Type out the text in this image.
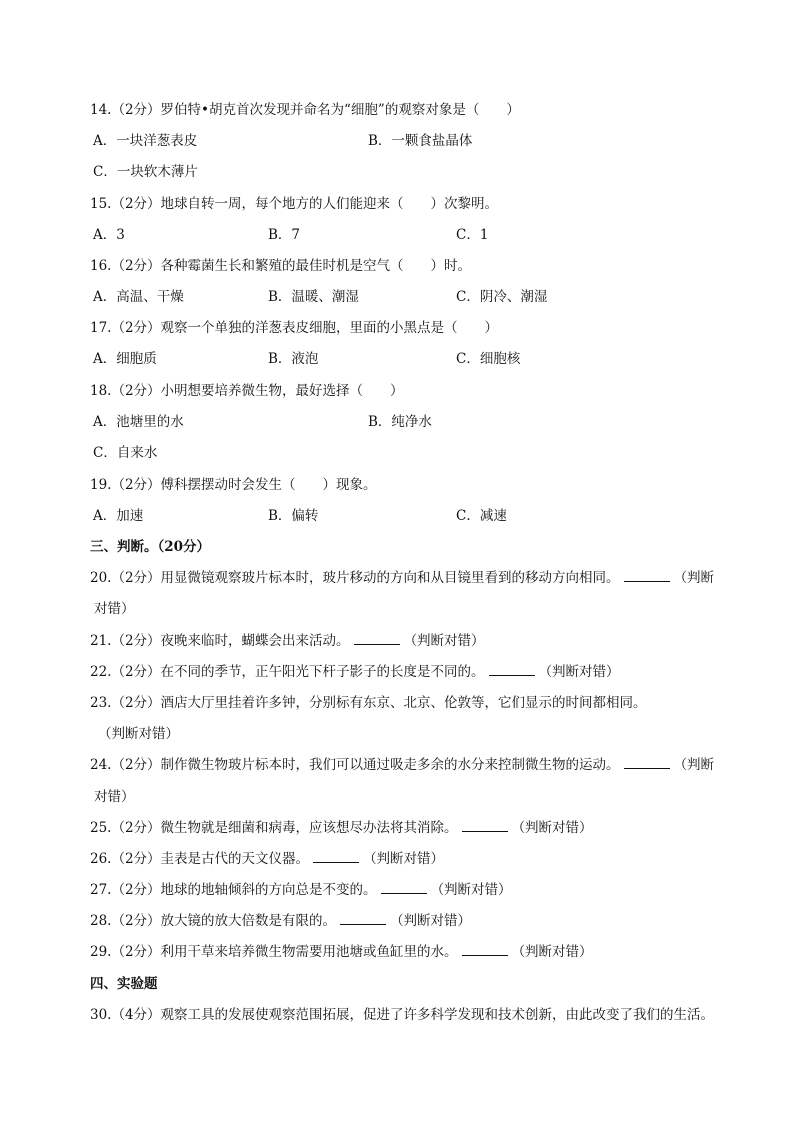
14.（2分）罗伯特•胡克首次发现并命名为“细胞”的观察对象是（　　）
A．一块洋葱表皮	B．一颗食盐晶体
C．一块软木薄片
15.（2分）地球自转一周，每个地方的人们能迎来（　　）次黎明。
A．3	B．7	C．1
16.（2分）各种霉菌生长和繁殖的最佳时机是空气（　　）时。
A．高温、干燥	B．温暖、潮湿	C．阴冷、潮湿
17.（2分）观察一个单独的洋葱表皮细胞，里面的小黑点是（　　）
A．细胞质	B．液泡	C．细胞核
18.（2分）小明想要培养微生物，最好选择（　　）
A．池塘里的水	B．纯净水
C．自来水
19.（2分）傅科摆摆动时会发生（　　）现象。
A．加速	B．偏转	C．减速
三、判断。（20分）
20.（2分）用显微镜观察玻片标本时，玻片移动的方向和从目镜里看到的移动方向相同。	（判断
对错）
21.（2分）夜晚来临时，蝴蝶会出来活动。	（判断对错）
22.（2分）在不同的季节，正午阳光下杆子影子的长度是不同的。	（判断对错）
23.（2分）酒店大厅里挂着许多钟，分别标有东京、北京、伦敦等，它们显示的时间都相同。
（判断对错）
24.（2分）制作微生物玻片标本时，我们可以通过吸走多余的水分来控制微生物的运动。	（判断
对错）
25.（2分）微生物就是细菌和病毒，应该想尽办法将其消除。	（判断对错）
26.（2分）圭表是古代的天文仪器。	（判断对错）
27.（2分）地球的地轴倾斜的方向总是不变的。	（判断对错）
28.（2分）放大镜的放大倍数是有限的。	（判断对错）
29.（2分）利用干草来培养微生物需要用池塘或鱼缸里的水。	（判断对错）
四、实验题
30.（4分）观察工具的发展使观察范围拓展，促进了许多科学发现和技术创新，由此改变了我们的生活。
